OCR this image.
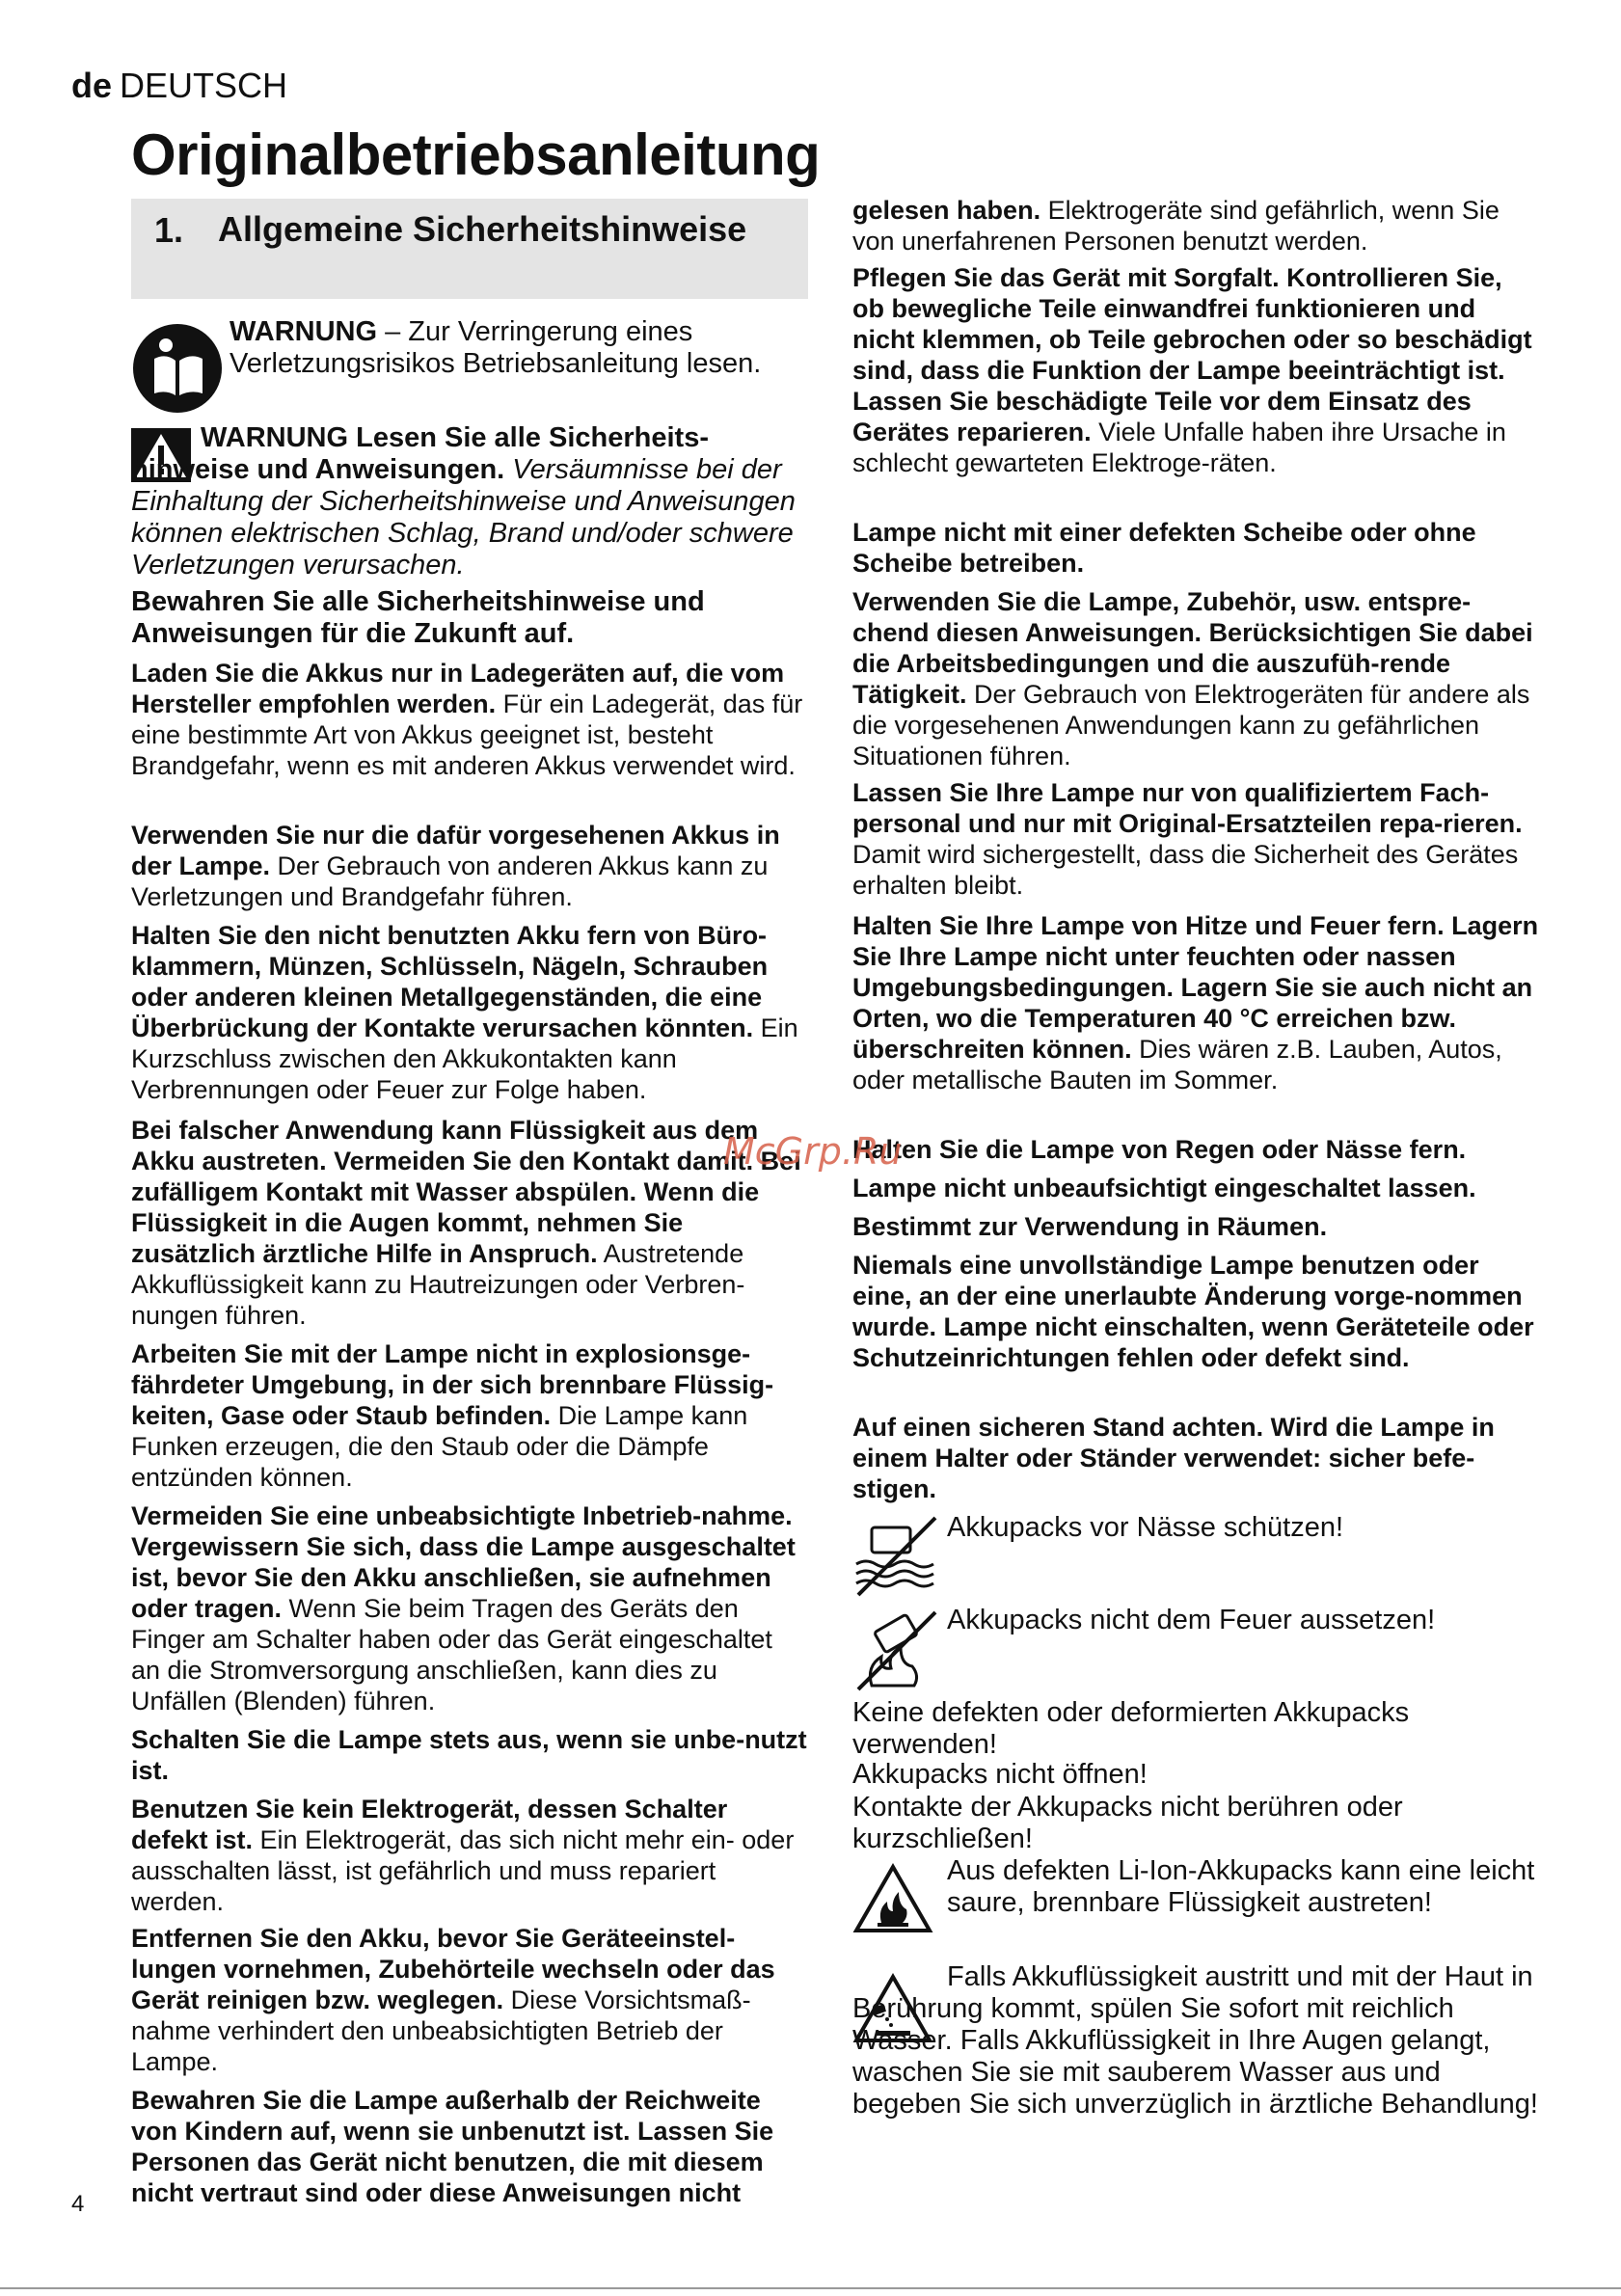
de DEUTSCH
Originalbetriebsanleitung
1. Allgemeine Sicherheitshinweise

WARNUNG – Zur Verringerung eines Verletzungsrisikos Betriebsanleitung lesen.

WARNUNG Lesen Sie alle Sicherheits-hinweise und Anweisungen. Versäumnisse bei der Einhaltung der Sicherheitshinweise und Anweisungen können elektrischen Schlag, Brand und/oder schwere Verletzungen verursachen.

Bewahren Sie alle Sicherheitshinweise und Anweisungen für die Zukunft auf.

Laden Sie die Akkus nur in Ladegeräten auf, die vom Hersteller empfohlen werden. Für ein Ladegerät, das für eine bestimmte Art von Akkus geeignet ist, besteht Brandgefahr, wenn es mit anderen Akkus verwendet wird.

Verwenden Sie nur die dafür vorgesehenen Akkus in der Lampe. Der Gebrauch von anderen Akkus kann zu Verletzungen und Brandgefahr führen.

Halten Sie den nicht benutzten Akku fern von Büro-klammern, Münzen, Schlüsseln, Nägeln, Schrauben oder anderen kleinen Metallgegenständen, die eine Überbrückung der Kontakte verursachen könnten. Ein Kurzschluss zwischen den Akkukontakten kann Verbrennungen oder Feuer zur Folge haben.

Bei falscher Anwendung kann Flüssigkeit aus dem Akku austreten. Vermeiden Sie den Kontakt damit. Bei zufälligem Kontakt mit Wasser abspülen. Wenn die Flüssigkeit in die Augen kommt, nehmen Sie zusätzlich ärztliche Hilfe in Anspruch. Austretende Akkuflüssigkeit kann zu Hautreizungen oder Verbren-nungen führen.

Arbeiten Sie mit der Lampe nicht in explosionsge-fährdeter Umgebung, in der sich brennbare Flüssig-keiten, Gase oder Staub befinden. Die Lampe kann Funken erzeugen, die den Staub oder die Dämpfe entzünden können.

Vermeiden Sie eine unbeabsichtigte Inbetrieb-nahme. Vergewissern Sie sich, dass die Lampe ausgeschaltet ist, bevor Sie den Akku anschließen, sie aufnehmen oder tragen. Wenn Sie beim Tragen des Geräts den Finger am Schalter haben oder das Gerät eingeschaltet an die Stromversorgung anschließen, kann dies zu Unfällen (Blenden) führen.

Schalten Sie die Lampe stets aus, wenn sie unbe-nutzt ist.

Benutzen Sie kein Elektrogerät, dessen Schalter defekt ist. Ein Elektrogerät, das sich nicht mehr ein- oder ausschalten lässt, ist gefährlich und muss repariert werden.

Entfernen Sie den Akku, bevor Sie Geräteeinstel-lungen vornehmen, Zubehörteile wechseln oder das Gerät reinigen bzw. weglegen. Diese Vorsichtsmaß-nahme verhindert den unbeabsichtigten Betrieb der Lampe.

Bewahren Sie die Lampe außerhalb der Reichweite von Kindern auf, wenn sie unbenutzt ist. Lassen Sie Personen das Gerät nicht benutzen, die mit diesem nicht vertraut sind oder diese Anweisungen nicht

gelesen haben. Elektrogeräte sind gefährlich, wenn Sie von unerfahrenen Personen benutzt werden.

Pflegen Sie das Gerät mit Sorgfalt. Kontrollieren Sie, ob bewegliche Teile einwandfrei funktionieren und nicht klemmen, ob Teile gebrochen oder so beschädigt sind, dass die Funktion der Lampe beeinträchtigt ist. Lassen Sie beschädigte Teile vor dem Einsatz des Gerätes reparieren. Viele Unfalle haben ihre Ursache in schlecht gewarteten Elektroge-räten.

Lampe nicht mit einer defekten Scheibe oder ohne Scheibe betreiben.

Verwenden Sie die Lampe, Zubehör, usw. entspre-chend diesen Anweisungen. Berücksichtigen Sie dabei die Arbeitsbedingungen und die auszufüh-rende Tätigkeit. Der Gebrauch von Elektrogeräten für andere als die vorgesehenen Anwendungen kann zu gefährlichen Situationen führen.

Lassen Sie Ihre Lampe nur von qualifiziertem Fach-personal und nur mit Original-Ersatzteilen repa-rieren. Damit wird sichergestellt, dass die Sicherheit des Gerätes erhalten bleibt.

Halten Sie Ihre Lampe von Hitze und Feuer fern. Lagern Sie Ihre Lampe nicht unter feuchten oder nassen Umgebungsbedingungen. Lagern Sie sie auch nicht an Orten, wo die Temperaturen 40 °C erreichen bzw. überschreiten können. Dies wären z.B. Lauben, Autos, oder metallische Bauten im Sommer.

Halten Sie die Lampe von Regen oder Nässe fern.

Lampe nicht unbeaufsichtigt eingeschaltet lassen.

Bestimmt zur Verwendung in Räumen.

Niemals eine unvollständige Lampe benutzen oder eine, an der eine unerlaubte Änderung vorge-nommen wurde. Lampe nicht einschalten, wenn Geräteteile oder Schutzeinrichtungen fehlen oder defekt sind.

Auf einen sicheren Stand achten. Wird die Lampe in einem Halter oder Ständer verwendet: sicher befe-stigen.

Akkupacks vor Nässe schützen!

Akkupacks nicht dem Feuer aussetzen!

Keine defekten oder deformierten Akkupacks verwenden!

Akkupacks nicht öffnen!

Kontakte der Akkupacks nicht berühren oder kurzschließen!

Aus defekten Li-Ion-Akkupacks kann eine leicht saure, brennbare Flüssigkeit austreten!

Falls Akkuflüssigkeit austritt und mit der Haut in Berührung kommt, spülen Sie sofort mit reichlich Wasser. Falls Akkuflüssigkeit in Ihre Augen gelangt, waschen Sie sie mit sauberem Wasser aus und begeben Sie sich unverzüglich in ärztliche Behandlung!

McGrp.Ru
4
